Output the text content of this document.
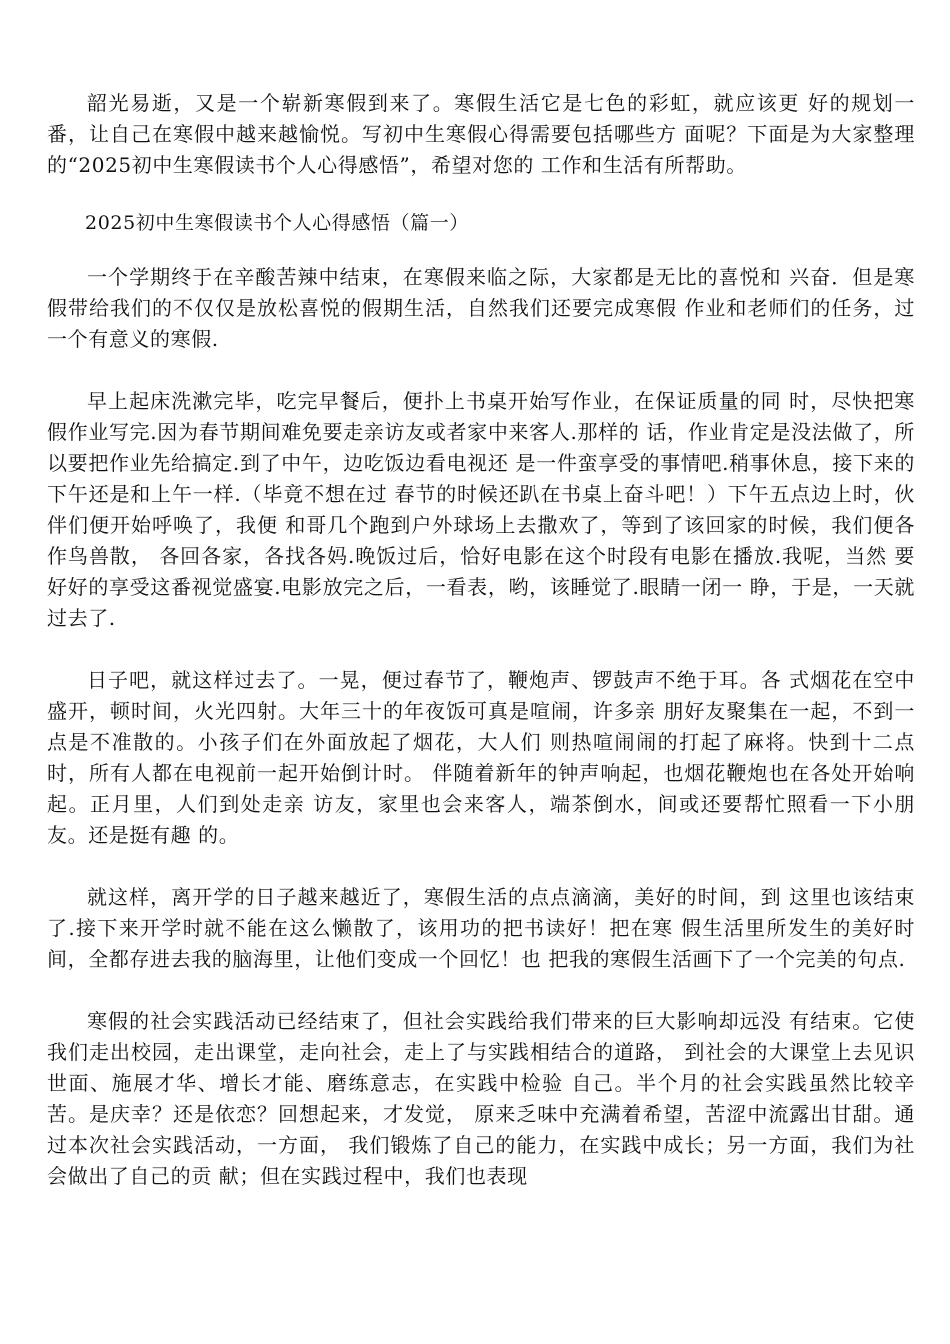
韶光易逝，又是一个崭新寒假到来了。寒假生活它是七色的彩虹，就应该更 好的规划一番，让自己在寒假中越来越愉悦。写初中生寒假心得需要包括哪些方 面呢？下面是为大家整理的“2025初中生寒假读书个人心得感悟”，希望对您的 工作和生活有所帮助。

2025初中生寒假读书个人心得感悟（篇一）

一个学期终于在辛酸苦辣中结束，在寒假来临之际，大家都是无比的喜悦和 兴奋．但是寒假带给我们的不仅仅是放松喜悦的假期生活，自然我们还要完成寒假 作业和老师们的任务，过一个有意义的寒假.

早上起床洗漱完毕，吃完早餐后，便扑上书桌开始写作业，在保证质量的同 时，尽快把寒假作业写完.因为春节期间难免要走亲访友或者家中来客人.那样的 话，作业肯定是没法做了，所以要把作业先给搞定.到了中午，边吃饭边看电视还 是一件蛮享受的事情吧.稍事休息，接下来的下午还是和上午一样.（毕竟不想在过 春节的时候还趴在书桌上奋斗吧！）下午五点边上时，伙伴们便开始呼唤了，我便 和哥几个跑到户外球场上去撒欢了，等到了该回家的时候，我们便各作鸟兽散， 各回各家，各找各妈.晚饭过后，恰好电影在这个时段有电影在播放.我呢，当然 要好好的享受这番视觉盛宴.电影放完之后，一看表，哟，该睡觉了.眼睛一闭一 睁，于是，一天就过去了.

日子吧，就这样过去了。一晃，便过春节了，鞭炮声、锣鼓声不绝于耳。各 式烟花在空中盛开，顿时间，火光四射。大年三十的年夜饭可真是喧闹，许多亲 朋好友聚集在一起，不到一点是不准散的。小孩子们在外面放起了烟花，大人们 则热喧闹闹的打起了麻将。快到十二点时，所有人都在电视前一起开始倒计时。 伴随着新年的钟声响起，也烟花鞭炮也在各处开始响起。正月里，人们到处走亲 访友，家里也会来客人，端茶倒水，间或还要帮忙照看一下小朋友。还是挺有趣 的。

就这样，离开学的日子越来越近了，寒假生活的点点滴滴，美好的时间，到 这里也该结束了.接下来开学时就不能在这么懒散了，该用功的把书读好！把在寒 假生活里所发生的美好时间，全都存进去我的脑海里，让他们变成一个回忆！也 把我的寒假生活画下了一个完美的句点.

寒假的社会实践活动已经结束了，但社会实践给我们带来的巨大影响却远没 有结束。它使我们走出校园，走出课堂，走向社会，走上了与实践相结合的道路， 到社会的大课堂上去见识世面、施展才华、增长才能、磨练意志，在实践中检验 自己。半个月的社会实践虽然比较辛苦。是庆幸？还是依恋？回想起来，才发觉， 原来乏味中充满着希望，苦涩中流露出甘甜。通过本次社会实践活动，一方面， 我们锻炼了自己的能力，在实践中成长；另一方面，我们为社会做出了自己的贡 献；但在实践过程中，我们也表现
